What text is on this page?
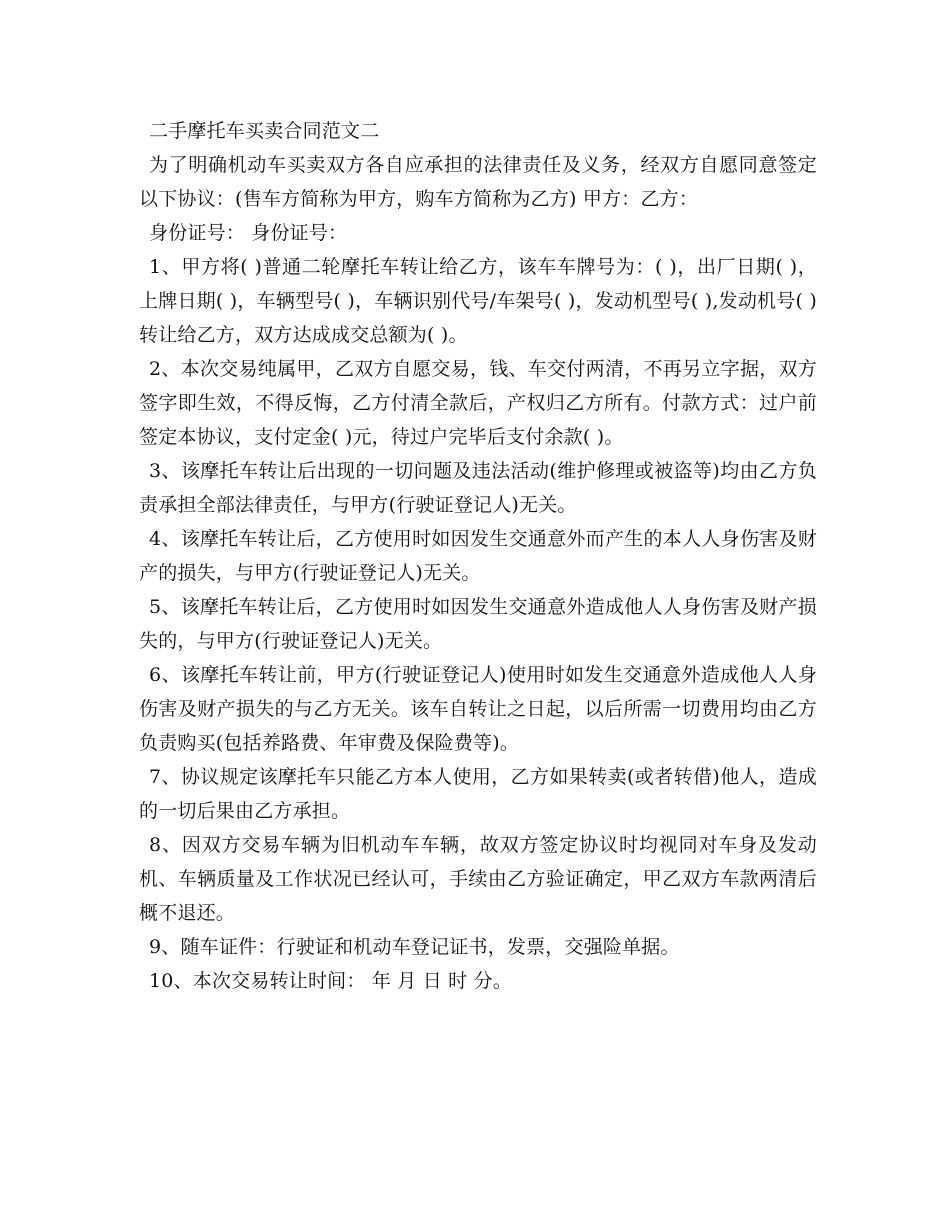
二手摩托车买卖合同范文二

为了明确机动车买卖双方各自应承担的法律责任及义务，经双方自愿同意签定以下协议：(售车方简称为甲方，购车方简称为乙方) 甲方：乙方：

身份证号： 身份证号：

1、甲方将( )普通二轮摩托车转让给乙方，该车车牌号为：( )，出厂日期( )，上牌日期( )，车辆型号( )，车辆识别代号/车架号( )，发动机型号( ),发动机号( ) 转让给乙方，双方达成成交总额为( )。

2、本次交易纯属甲，乙双方自愿交易，钱、车交付两清，不再另立字据，双方签字即生效，不得反悔，乙方付清全款后，产权归乙方所有。付款方式：过户前签定本协议，支付定金( )元，待过户完毕后支付余款( )。

3、该摩托车转让后出现的一切问题及违法活动(维护修理或被盗等)均由乙方负责承担全部法律责任，与甲方(行驶证登记人)无关。

4、该摩托车转让后，乙方使用时如因发生交通意外而产生的本人人身伤害及财产的损失，与甲方(行驶证登记人)无关。

5、该摩托车转让后，乙方使用时如因发生交通意外造成他人人身伤害及财产损失的，与甲方(行驶证登记人)无关。

6、该摩托车转让前，甲方(行驶证登记人)使用时如发生交通意外造成他人人身伤害及财产损失的与乙方无关。该车自转让之日起，以后所需一切费用均由乙方负责购买(包括养路费、年审费及保险费等)。

7、协议规定该摩托车只能乙方本人使用，乙方如果转卖(或者转借)他人，造成的一切后果由乙方承担。

8、因双方交易车辆为旧机动车车辆，故双方签定协议时均视同对车身及发动机、车辆质量及工作状况已经认可，手续由乙方验证确定，甲乙双方车款两清后概不退还。

9、随车证件：行驶证和机动车登记证书，发票，交强险单据。

10、本次交易转让时间： 年 月 日 时 分。
